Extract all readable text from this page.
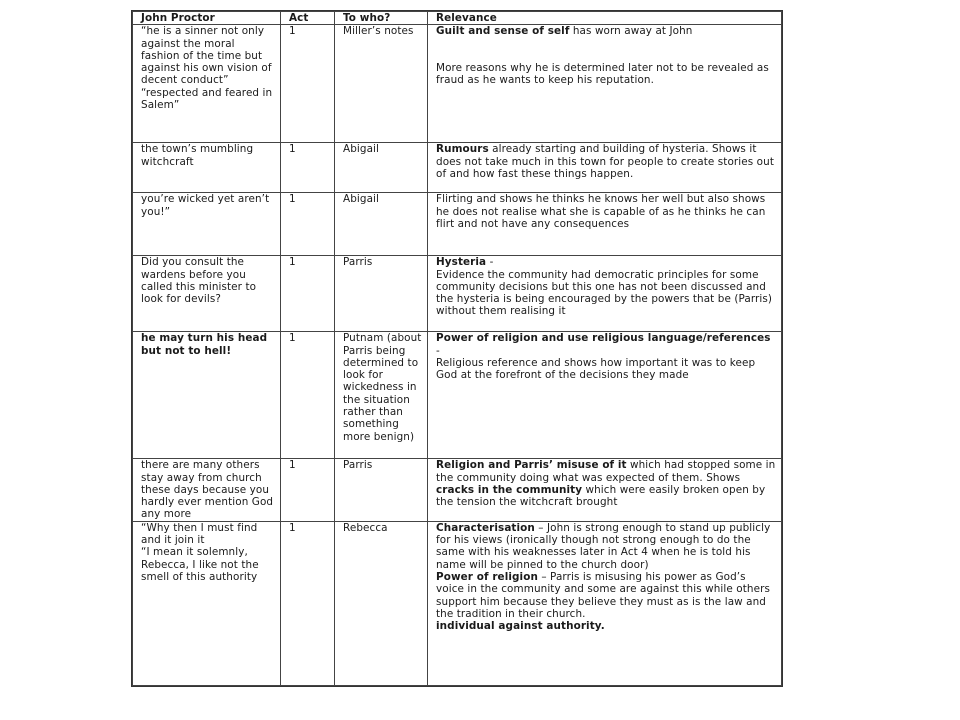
John Proctor	Act	To who?	Relevance
“he is a sinner not only against the moral fashion of the time but against his own vision of decent conduct” “respected and feared in Salem”	1	Miller’s notes	Guilt and sense of self has worn away at John
More reasons why he is determined later not to be revealed as fraud as he wants to keep his reputation.

the town’s mumbling witchcraft	1	Abigail	Rumours already starting and building of hysteria. Shows it does not take much in this town for people to create stories out of and how fast these things happen.
you’re wicked yet aren’t you!”	1	Abigail	Flirting and shows he thinks he knows her well but also shows he does not realise what she is capable of as he thinks he can flirt and not have any consequences
Did you consult the wardens before you called this minister to look for devils?	1	Parris	Hysteria -
Evidence the community had democratic principles for some community decisions but this one has not been discussed and the hysteria is being encouraged by the powers that be (Parris) without them realising it

he may turn his head but not to hell!	1	Putnam (about Parris being determined to look for wickedness in the situation rather than something more benign)	Power of religion and use religious language/references -
Religious reference and shows how important it was to keep God at the forefront of the decisions they made

there are many others stay away from church these days because you hardly ever mention God any more	1	Parris	Religion and Parris’ misuse of it which had stopped some in the community doing what was expected of them. Shows cracks in the community which were easily broken open by the tension the witchcraft brought

“Why then I must find and it join it
“I mean it solemnly, Rebecca, I like not the smell of this authority	1	Rebecca	Characterisation – John is strong enough to stand up publicly for his views (ironically though not strong enough to do the same with his weaknesses later in Act 4 when he is told his name will be pinned to the church door)
Power of religion – Parris is misusing his power as God’s voice in the community and some are against this while others support him because they believe they must as is the law and the tradition in their church.
individual against authority.
